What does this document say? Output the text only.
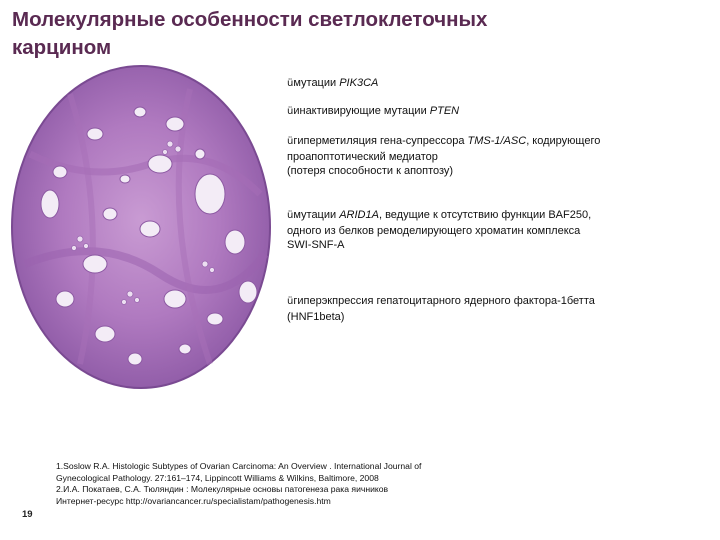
Молекулярные особенности светлоклеточных
карцином
üмутации PIK3CA
üинактивирующие мутации PTEN
üгиперметиляция гена-супрессора TMS-1/ASC, кодирующего
проапоптотический медиатор
(потеря способности к апоптозу)
üмутации ARID1A, ведущие к отсутствию функции BAF250,
одного из белков ремоделирующего хроматин комплекса
SWI-SNF-A
üгиперэкпрессия гепатоцитарного ядерного фактора-1бетта
(HNF1beta)
1.Soslow R.A. Histologic Subtypes of Ovarian Carcinoma: An Overview . International Journal of
Gynecological Pathology. 27:161–174, Lippincott Williams & Wilkins, Baltimore, 2008
2.И.А. Покатаев, С.А. Тюляндин : Молекулярные основы патогенеза рака яичников
Интернет-ресурс http://ovariancancer.ru/specialistam/pathogenesis.htm
19
